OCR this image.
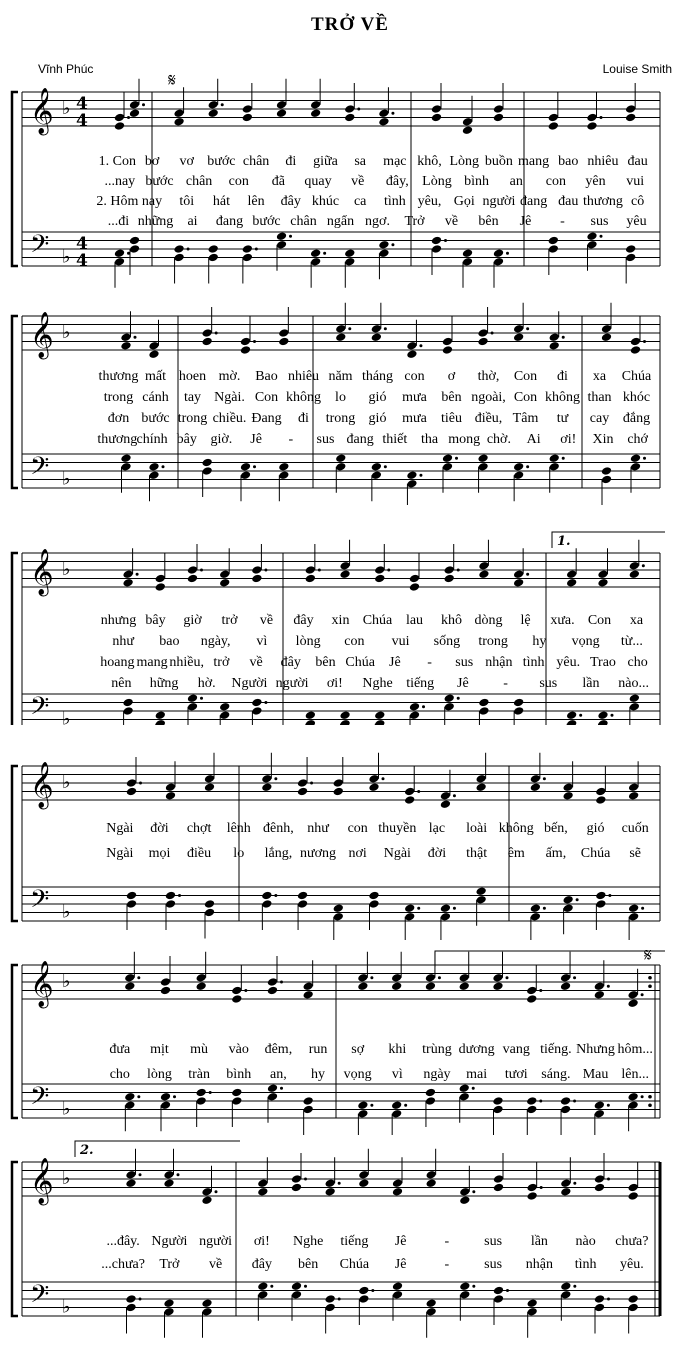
TRỞ VỀ
Vĩnh Phúc	Louise Smith
𝄞 ♭ 4
4
𝄢 ♭
4
4
𝄋
1. Con bơ vơ bước chân đi giữa sa mạc khô, Lòng buồn mang bao nhiêu đau
...nay bước chân con đã quay về đây, Lòng bình an con yên vui
2. Hôm nay tôi hát lên đây khúc ca tình yêu, Gọi người đang đau thương cô
...đi những ai đang bước chân ngẩn ngơ. Trở về bên Jê - sus yêu
𝄞 ♭
𝄢 ♭
thương mất hoen mờ. Bao nhiêu năm tháng con ơ thờ, Con đi xa Chúa
trong cánh tay Ngài. Con không lo gió mưa bên ngoài, Con không than khóc
đơn bước trong chiều. Đang đi trong gió mưa tiêu điều, Tâm tư cay đắng
thương chính bây giờ. Jê - sus đang thiết tha mong chờ. Ai ơi! Xin chớ
𝄞 ♭
𝄢 ♭
1.
nhưng bây giờ trở về đây xin Chúa lau khô dòng lệ xưa. Con xa
như bao ngày, vì lòng con vui sống trong hy vọng từ...
hoang mang nhiều, trở về đây bên Chúa Jê - sus nhận tình yêu. Trao cho
nên hững hờ. Người người ơi! Nghe tiếng Jê - sus lần nào...
𝄞 ♭
𝄢 ♭
Ngài đời chợt lênh đênh, như con thuyền lạc loài không bến, gió cuốn
Ngài mọi điều lo lắng, nương nơi Ngài đời thật êm ấm, Chúa sẽ
𝄞 ♭
𝄢 ♭
𝄋
đưa mịt mù vào đêm, run sợ khi trùng dương vang tiếng. Nhưng hôm...
cho lòng tràn bình an, hy vọng vì ngày mai tươi sáng. Mau lên...
𝄞 ♭
𝄢 ♭
2.
...đây. Người người ơi! Nghe tiếng Jê	- sus lần nào chưa?
...chưa? Trở về đây bên Chúa Jê	- sus nhận tình yêu.
